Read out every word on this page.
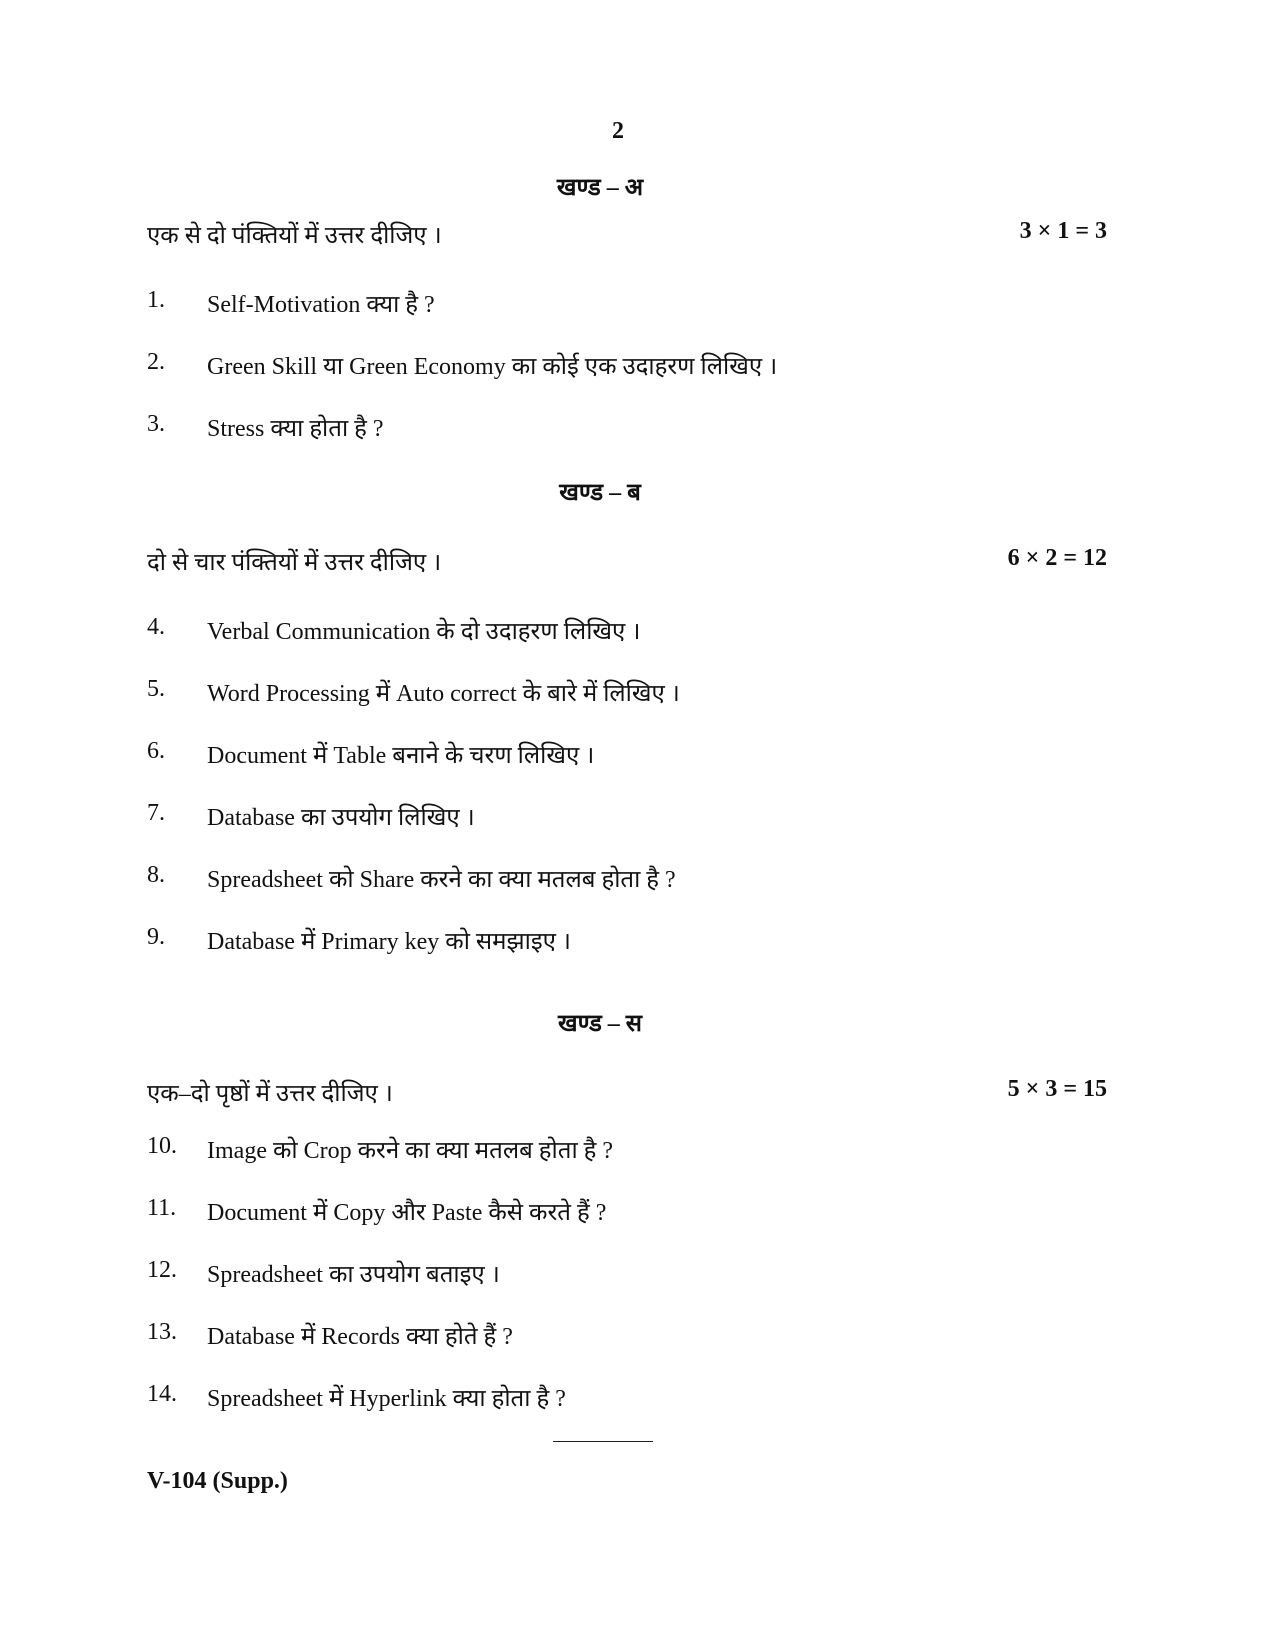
2
खण्ड – अ
एक से दो पंक्तियों में उत्तर दीजिए ।	3 × 1 = 3
1. Self-Motivation क्या है ?
2. Green Skill या Green Economy का कोई एक उदाहरण लिखिए ।
3. Stress क्या होता है ?
खण्ड – ब
दो से चार पंक्तियों में उत्तर दीजिए ।	6 × 2 = 12
4. Verbal Communication के दो उदाहरण लिखिए ।
5. Word Processing में Auto correct के बारे में लिखिए ।
6. Document में Table बनाने के चरण लिखिए ।
7. Database का उपयोग लिखिए ।
8. Spreadsheet को Share करने का क्या मतलब होता है ?
9. Database में Primary key को समझाइए ।
खण्ड – स
एक–दो पृष्ठों में उत्तर दीजिए ।	5 × 3 = 15
10. Image को Crop करने का क्या मतलब होता है ?
11. Document में Copy और Paste कैसे करते हैं ?
12. Spreadsheet का उपयोग बताइए ।
13. Database में Records क्या होते हैं ?
14. Spreadsheet में Hyperlink क्या होता है ?
V-104 (Supp.)
